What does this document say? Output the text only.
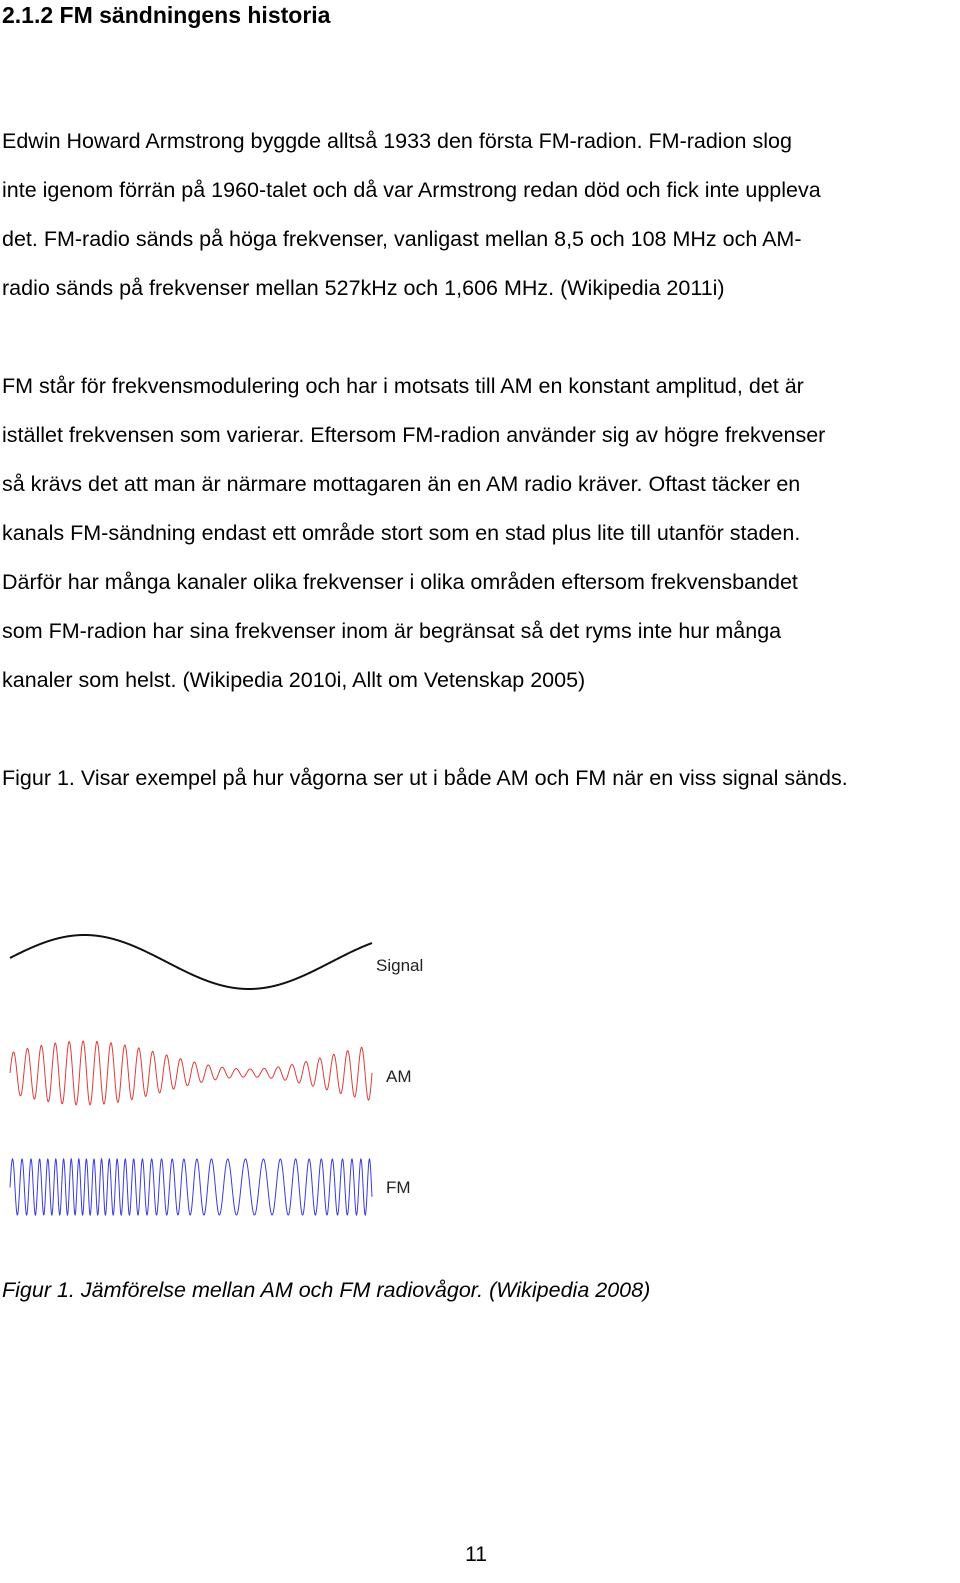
2.1.2 FM sändningens historia
Edwin Howard Armstrong byggde alltså 1933 den första FM-radion. FM-radion slog
inte igenom förrän på 1960-talet och då var Armstrong redan död och fick inte uppleva
det. FM-radio sänds på höga frekvenser, vanligast mellan 8,5 och 108 MHz och AM-
radio sänds på frekvenser mellan 527kHz och 1,606 MHz. (Wikipedia 2011i)
FM står för frekvensmodulering och har i motsats till AM en konstant amplitud, det är
istället frekvensen som varierar. Eftersom FM-radion använder sig av högre frekvenser
så krävs det att man är närmare mottagaren än en AM radio kräver. Oftast täcker en
kanals FM-sändning endast ett område stort som en stad plus lite till utanför staden.
Därför har många kanaler olika frekvenser i olika områden eftersom frekvensbandet
som FM-radion har sina frekvenser inom är begränsat så det ryms inte hur många
kanaler som helst. (Wikipedia 2010i, Allt om Vetenskap 2005)
Figur 1. Visar exempel på hur vågorna ser ut i både AM och FM när en viss signal sänds.
Signal
AM
FM
Figur 1. Jämförelse mellan AM och FM radiovågor. (Wikipedia 2008)
11
